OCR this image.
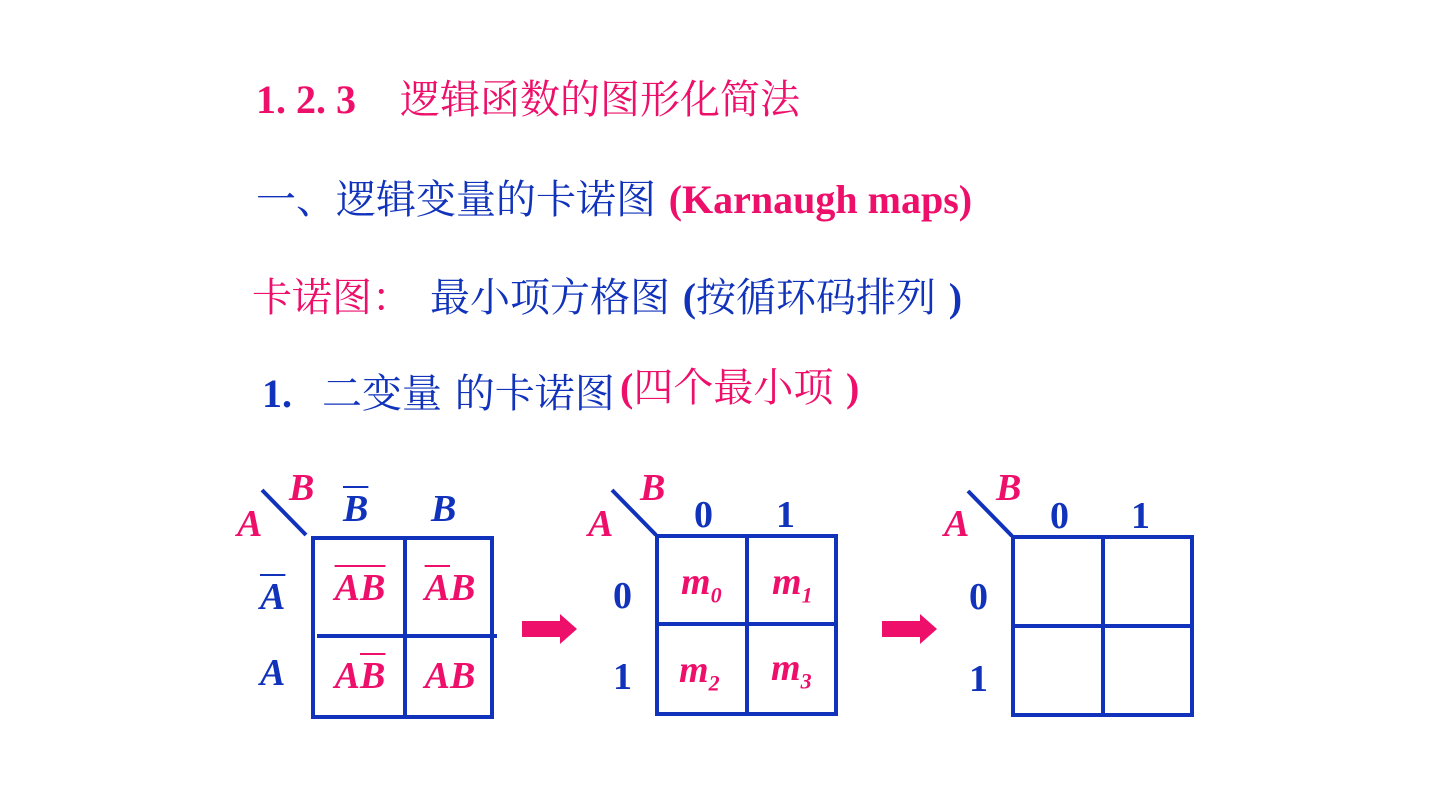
1. 2. 3 逻辑函数的图形化简法
一、逻辑变量的卡诺图 (Karnaugh maps)
卡诺图： 最小项方格图 (按循环码排列 )
1. 二变量 的卡诺图 (四个最小项 )
B
A $\overline{B}$ B
$\overline{A}$
A
$\overline{A}$ $\overline{B}$ $\overline{A}$ B
A $\overline{B}$ A B
B
A 0 1
0
1
$m_0$ $m_1$
$m_2$ $m_3$
B
A 0 1
0
1
